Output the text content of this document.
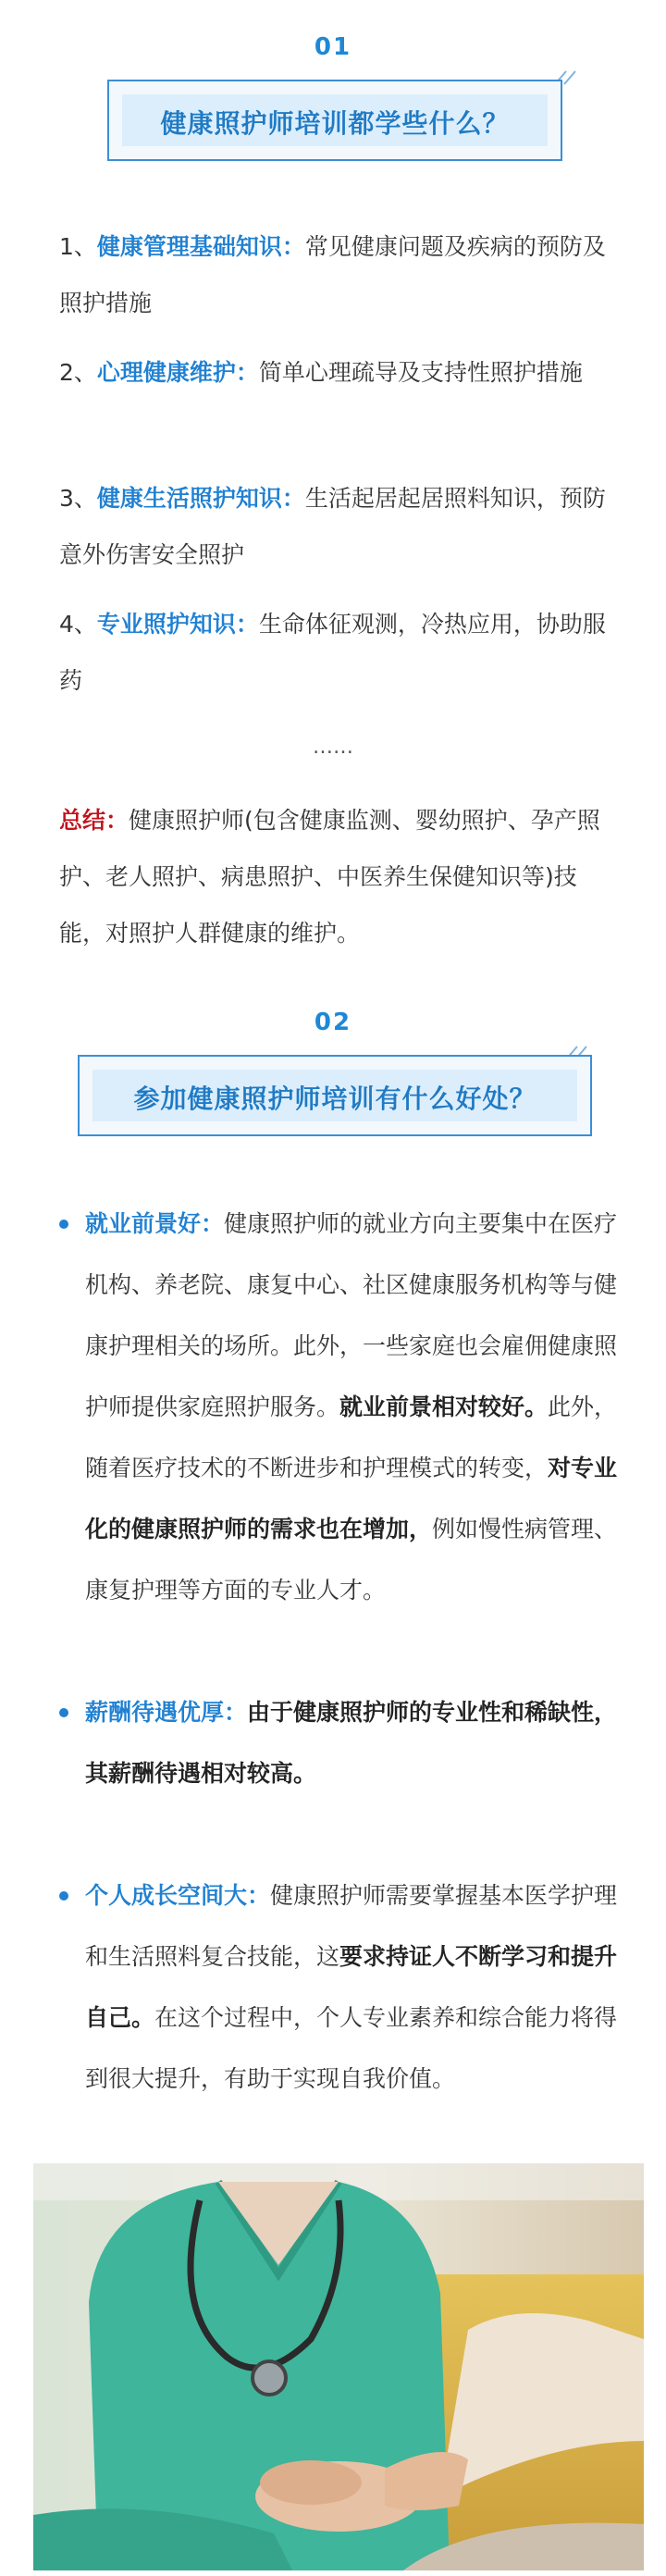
01
健康照护师培训都学些什么？
1、健康管理基础知识：常见健康问题及疾病的预防及照护措施
2、心理健康维护：简单心理疏导及支持性照护措施
3、健康生活照护知识：生活起居起居照料知识，预防意外伤害安全照护
4、专业照护知识：生命体征观测，冷热应用，协助服药
……
总结：健康照护师(包含健康监测、婴幼照护、孕产照护、老人照护、病患照护、中医养生保健知识等)技能，对照护人群健康的维护。
02
参加健康照护师培训有什么好处？
就业前景好：健康照护师的就业方向主要集中在医疗机构、养老院、康复中心、社区健康服务机构等与健康护理相关的场所。此外，一些家庭也会雇佣健康照护师提供家庭照护服务。就业前景相对较好。此外，随着医疗技术的不断进步和护理模式的转变，对专业化的健康照护师的需求也在增加，例如慢性病管理、康复护理等方面的专业人才。
薪酬待遇优厚：由于健康照护师的专业性和稀缺性，其薪酬待遇相对较高。
个人成长空间大：健康照护师需要掌握基本医学护理和生活照料复合技能，这要求持证人不断学习和提升自己。在这个过程中，个人专业素养和综合能力将得到很大提升，有助于实现自我价值。
